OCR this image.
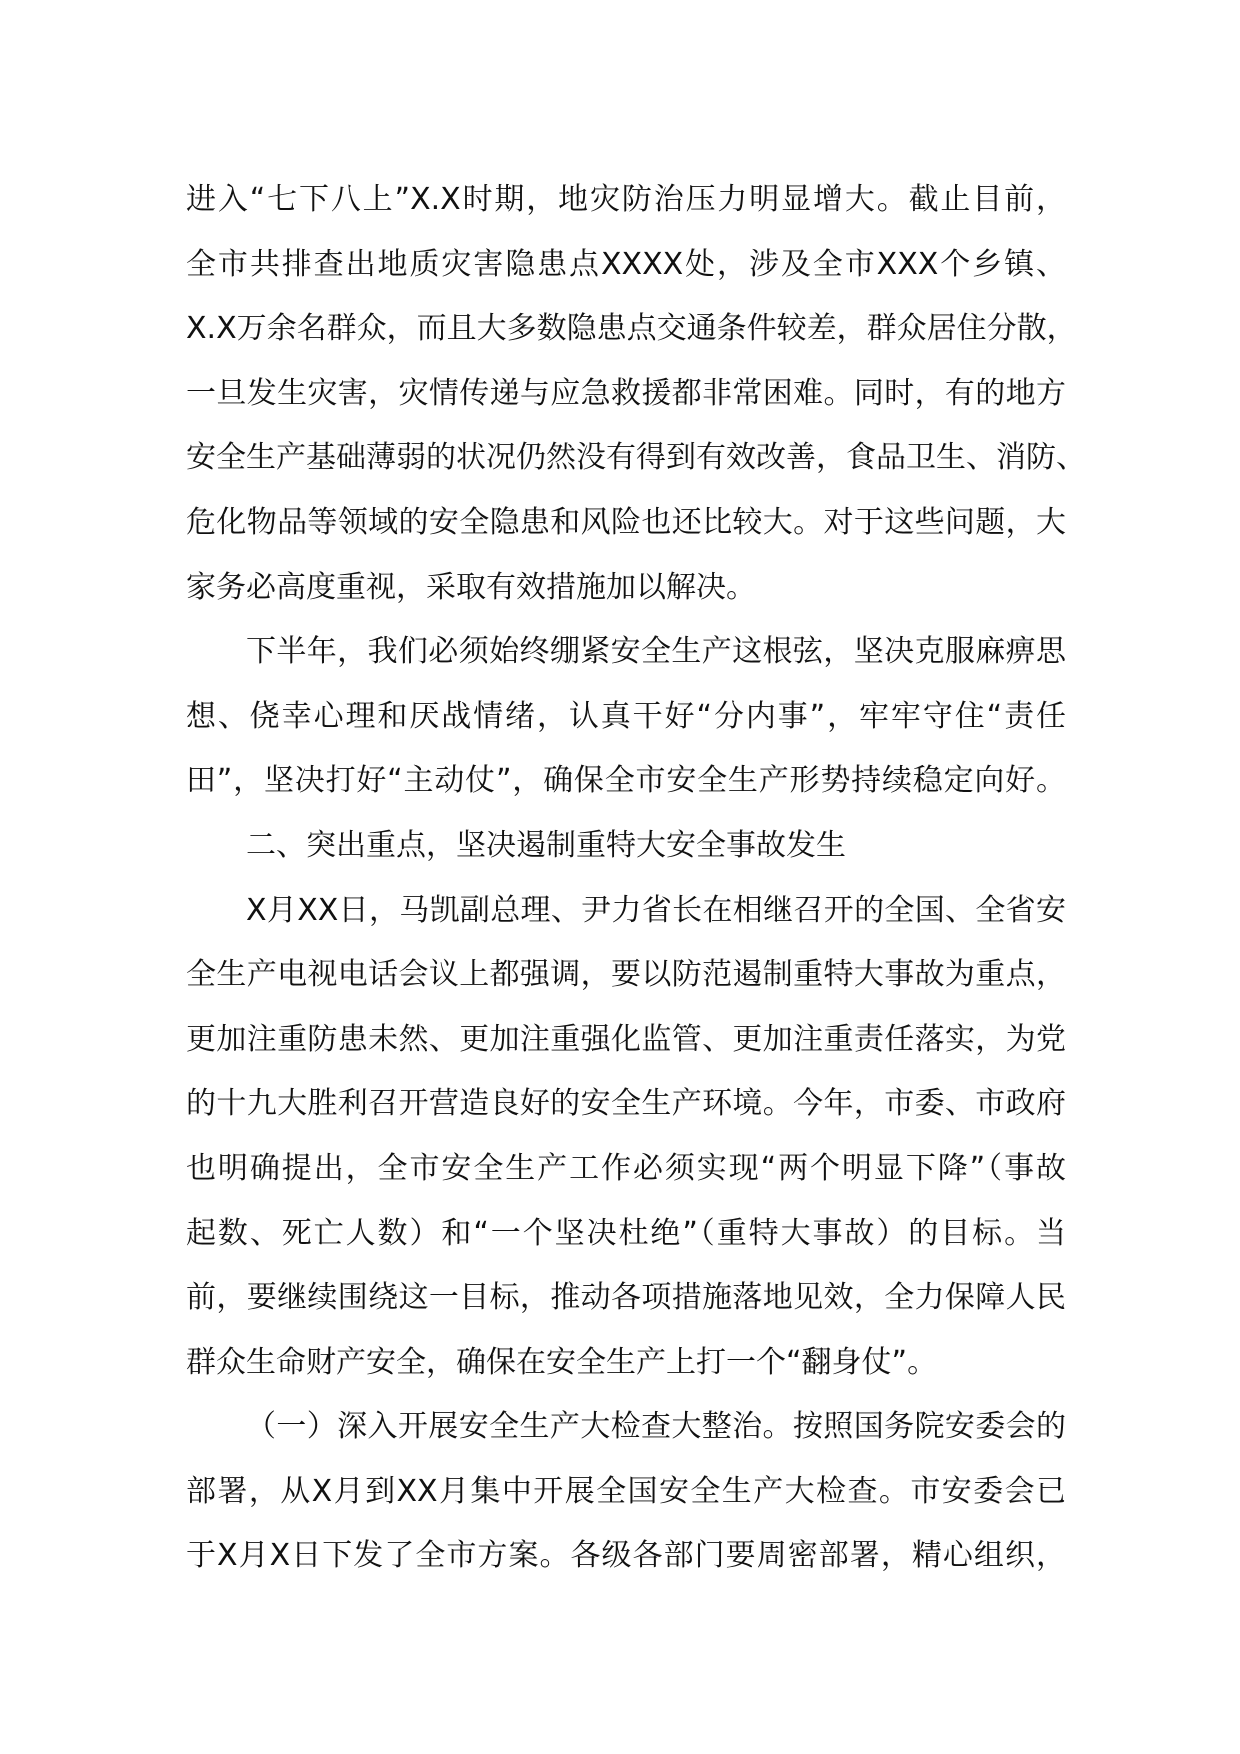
进入“七下八上”X.X时期，地灾防治压力明显增大。截止目前，
全市共排查出地质灾害隐患点XXXX处，涉及全市XXX个乡镇、
X.X万余名群众，而且大多数隐患点交通条件较差，群众居住分散，
一旦发生灾害，灾情传递与应急救援都非常困难。同时，有的地方
安全生产基础薄弱的状况仍然没有得到有效改善，食品卫生、消防、
危化物品等领域的安全隐患和风险也还比较大。对于这些问题，大
家务必高度重视，采取有效措施加以解决。
下半年，我们必须始终绷紧安全生产这根弦，坚决克服麻痹思
想、侥幸心理和厌战情绪，认真干好“分内事”，牢牢守住“责任
田”，坚决打好“主动仗”，确保全市安全生产形势持续稳定向好。
二、突出重点，坚决遏制重特大安全事故发生
X月XX日，马凯副总理、尹力省长在相继召开的全国、全省安
全生产电视电话会议上都强调，要以防范遏制重特大事故为重点，
更加注重防患未然、更加注重强化监管、更加注重责任落实，为党
的十九大胜利召开营造良好的安全生产环境。今年，市委、市政府
也明确提出，全市安全生产工作必须实现“两个明显下降”（事故
起数、死亡人数）和“一个坚决杜绝”（重特大事故）的目标。当
前，要继续围绕这一目标，推动各项措施落地见效，全力保障人民
群众生命财产安全，确保在安全生产上打一个“翻身仗”。
（一）深入开展安全生产大检查大整治。按照国务院安委会的
部署，从X月到XX月集中开展全国安全生产大检查。市安委会已
于X月X日下发了全市方案。各级各部门要周密部署，精心组织，
